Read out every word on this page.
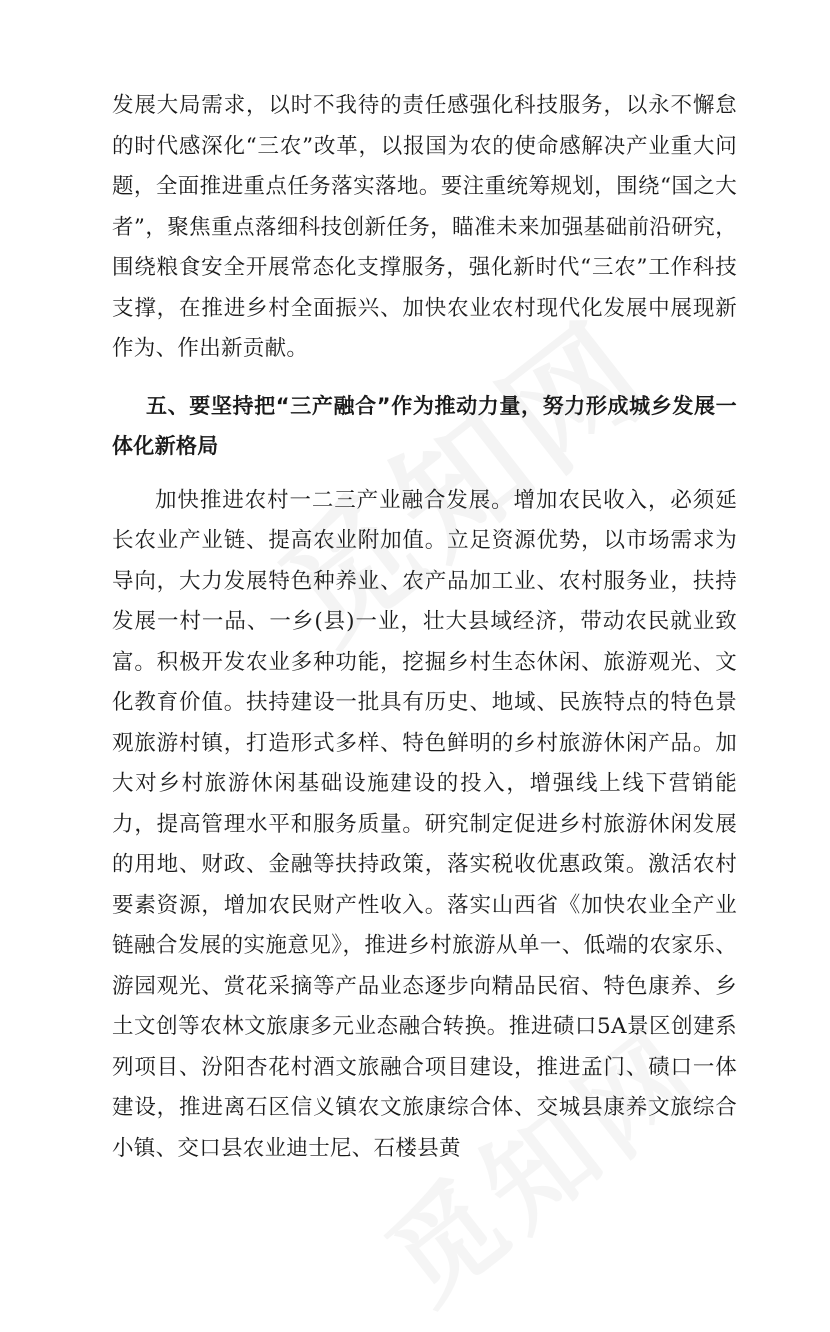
发展大局需求，以时不我待的责任感强化科技服务，以永不懈怠的时代感深化“三农”改革，以报国为农的使命感解决产业重大问题，全面推进重点任务落实落地。要注重统筹规划，围绕“国之大者”，聚焦重点落细科技创新任务，瞄准未来加强基础前沿研究，围绕粮食安全开展常态化支撑服务，强化新时代“三农”工作科技支撑，在推进乡村全面振兴、加快农业农村现代化发展中展现新作为、作出新贡献。

五、要坚持把“三产融合”作为推动力量，努力形成城乡发展一体化新格局

加快推进农村一二三产业融合发展。增加农民收入，必须延长农业产业链、提高农业附加值。立足资源优势，以市场需求为导向，大力发展特色种养业、农产品加工业、农村服务业，扶持发展一村一品、一乡(县)一业，壮大县域经济，带动农民就业致富。积极开发农业多种功能，挖掘乡村生态休闲、旅游观光、文化教育价值。扶持建设一批具有历史、地域、民族特点的特色景观旅游村镇，打造形式多样、特色鲜明的乡村旅游休闲产品。加大对乡村旅游休闲基础设施建设的投入，增强线上线下营销能力，提高管理水平和服务质量。研究制定促进乡村旅游休闲发展的用地、财政、金融等扶持政策，落实税收优惠政策。激活农村要素资源，增加农民财产性收入。落实山西省《加快农业全产业链融合发展的实施意见》，推进乡村旅游从单一、低端的农家乐、游园观光、赏花采摘等产品业态逐步向精品民宿、特色康养、乡土文创等农林文旅康多元业态融合转换。推进碛口5A景区创建系列项目、汾阳杏花村酒文旅融合项目建设，推进孟门、碛口一体建设，推进离石区信义镇农文旅康综合体、交城县康养文旅综合小镇、交口县农业迪士尼、石楼县黄
